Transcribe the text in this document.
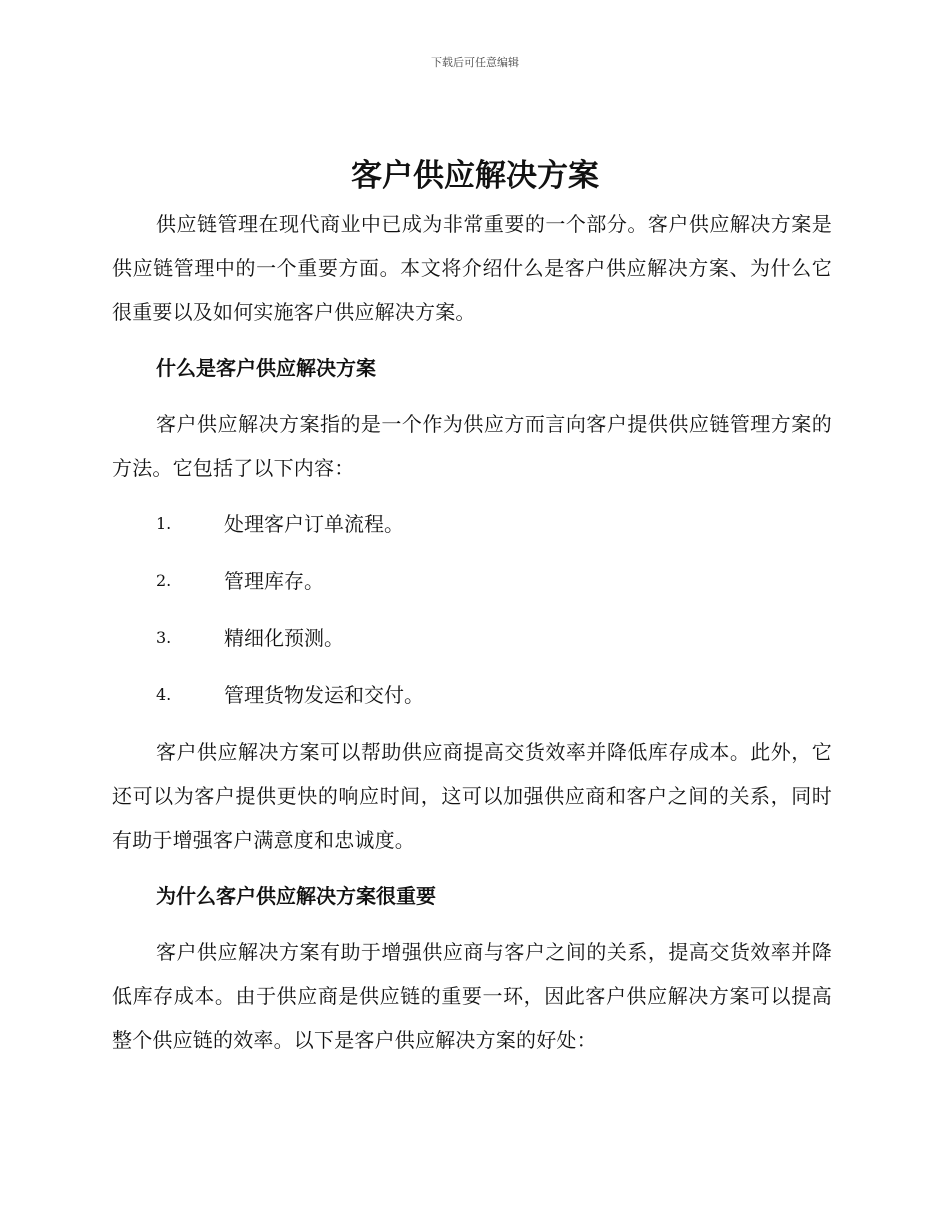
下载后可任意编辑
客户供应解决方案

供应链管理在现代商业中已成为非常重要的一个部分。客户供应解决方案是供应链管理中的一个重要方面。本文将介绍什么是客户供应解决方案、为什么它很重要以及如何实施客户供应解决方案。

什么是客户供应解决方案

客户供应解决方案指的是一个作为供应方而言向客户提供供应链管理方案的方法。它包括了以下内容：

1.	处理客户订单流程。
2.	管理库存。
3.	精细化预测。
4.	管理货物发运和交付。

客户供应解决方案可以帮助供应商提高交货效率并降低库存成本。此外，它还可以为客户提供更快的响应时间，这可以加强供应商和客户之间的关系，同时有助于增强客户满意度和忠诚度。

为什么客户供应解决方案很重要

客户供应解决方案有助于增强供应商与客户之间的关系，提高交货效率并降低库存成本。由于供应商是供应链的重要一环，因此客户供应解决方案可以提高整个供应链的效率。以下是客户供应解决方案的好处：
